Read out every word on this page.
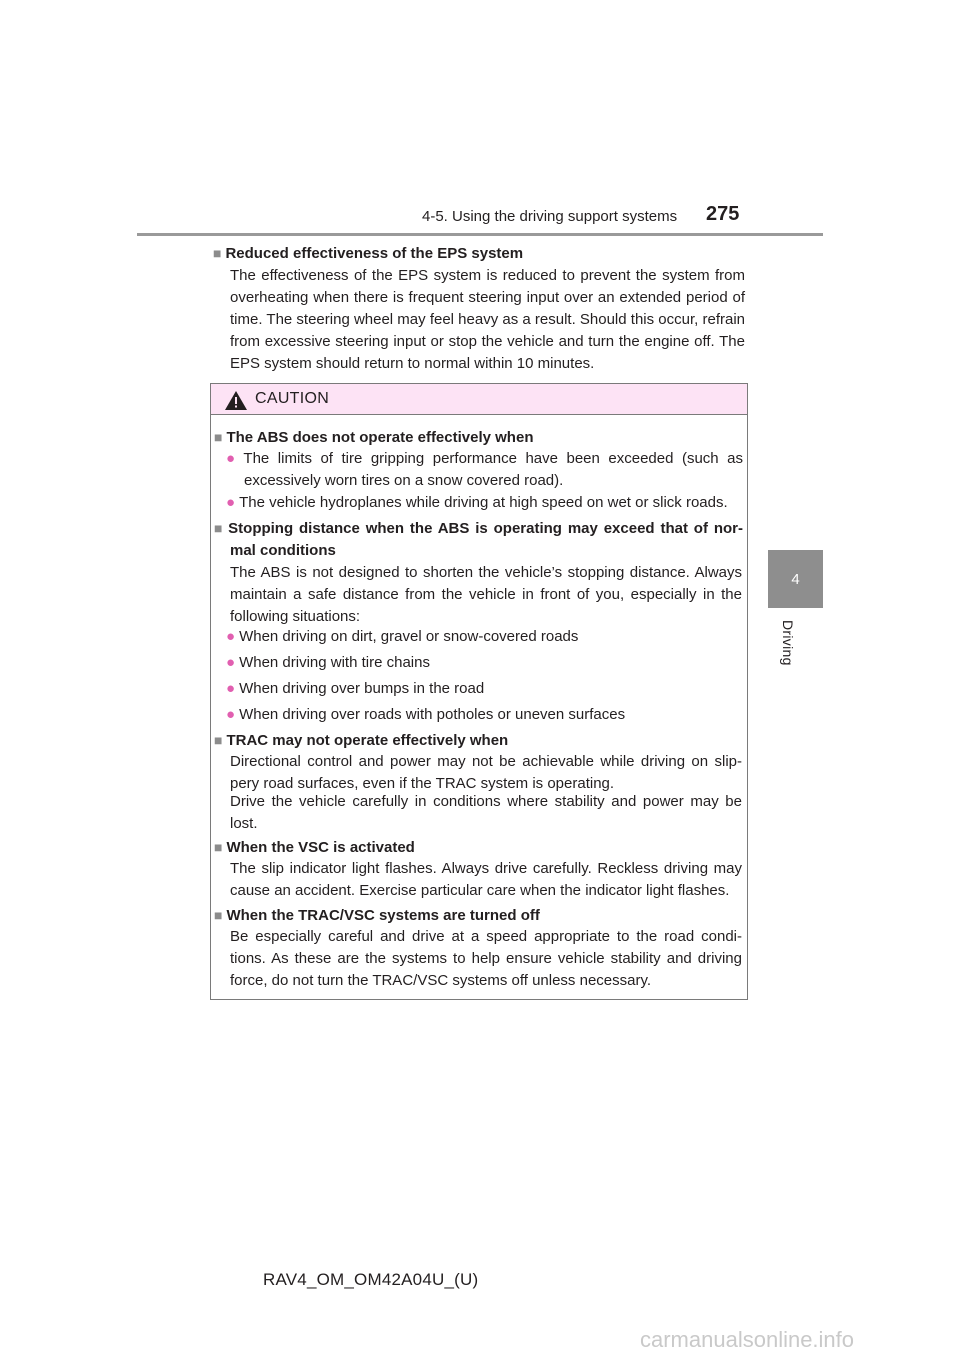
4-5. Using the driving support systems 275
4
Driving
■ Reduced effectiveness of the EPS system
The effectiveness of the EPS system is reduced to prevent the system from overheating when there is frequent steering input over an extended period of time. The steering wheel may feel heavy as a result. Should this occur, refrain from excessive steering input or stop the vehicle and turn the engine off. The EPS system should return to normal within 10 minutes.
CAUTION
■ The ABS does not operate effectively when
● The limits of tire gripping performance have been exceeded (such as excessively worn tires on a snow covered road).
● The vehicle hydroplanes while driving at high speed on wet or slick roads.
■ Stopping distance when the ABS is operating may exceed that of nor-mal conditions
The ABS is not designed to shorten the vehicle’s stopping distance. Always maintain a safe distance from the vehicle in front of you, especially in the following situations:
● When driving on dirt, gravel or snow-covered roads
● When driving with tire chains
● When driving over bumps in the road
● When driving over roads with potholes or uneven surfaces
■ TRAC may not operate effectively when
Directional control and power may not be achievable while driving on slip-pery road surfaces, even if the TRAC system is operating.
Drive the vehicle carefully in conditions where stability and power may be lost.
■ When the VSC is activated
The slip indicator light flashes. Always drive carefully. Reckless driving may cause an accident. Exercise particular care when the indicator light flashes.
■ When the TRAC/VSC systems are turned off
Be especially careful and drive at a speed appropriate to the road condi-tions. As these are the systems to help ensure vehicle stability and driving force, do not turn the TRAC/VSC systems off unless necessary.
RAV4_OM_OM42A04U_(U)
carmanualsonline.info
